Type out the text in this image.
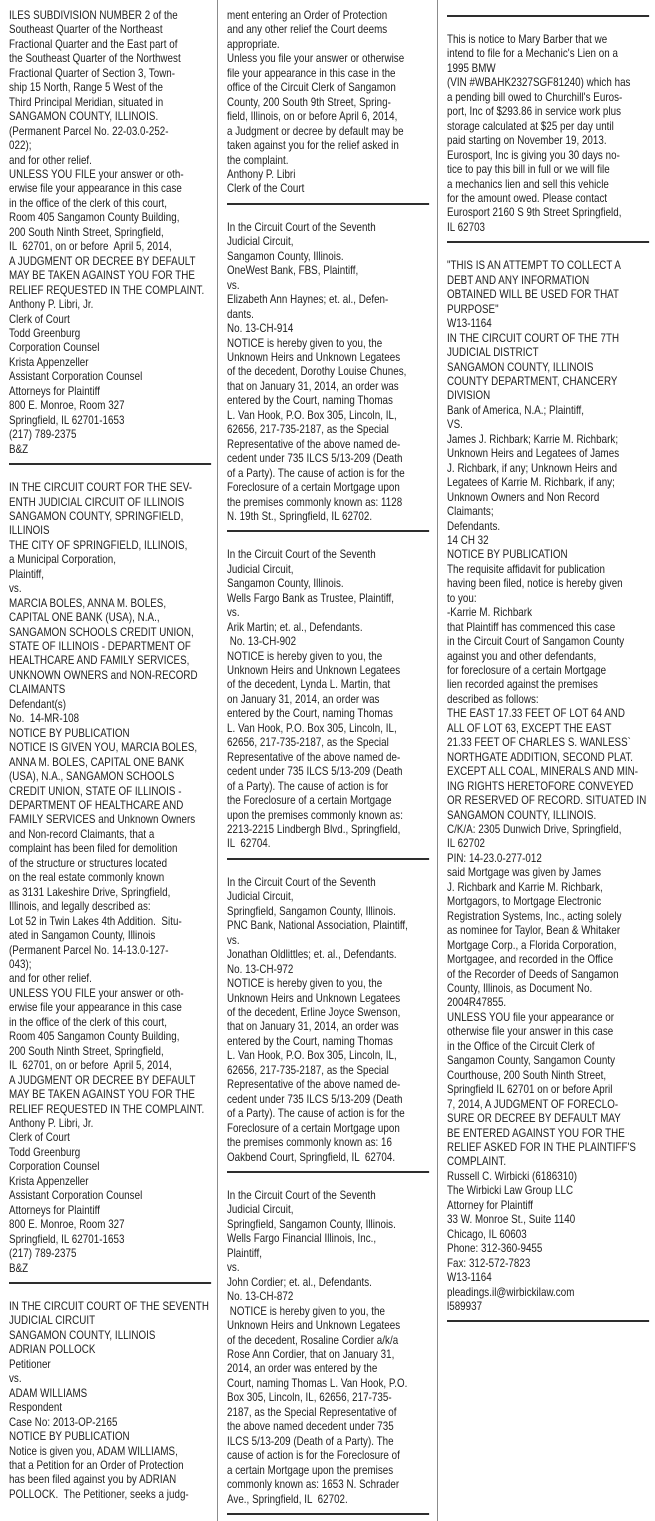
ILES SUBDIVISION NUMBER 2 of the
Southeast Quarter of the Northeast
Fractional Quarter and the East part of
the Southeast Quarter of the Northwest
Fractional Quarter of Section 3, Town-
ship 15 North, Range 5 West of the
Third Principal Meridian, situated in
SANGAMON COUNTY, ILLINOIS.
(Permanent Parcel No. 22-03.0-252-
022);
and for other relief.
UNLESS YOU FILE your answer or oth-
erwise file your appearance in this case
in the office of the clerk of this court,
Room 405 Sangamon County Building,
200 South Ninth Street, Springfield,
IL  62701, on or before  April 5, 2014,
A JUDGMENT OR DECREE BY DEFAULT
MAY BE TAKEN AGAINST YOU FOR THE
RELIEF REQUESTED IN THE COMPLAINT.
Anthony P. Libri, Jr.
Clerk of Court
Todd Greenburg
Corporation Counsel
Krista Appenzeller
Assistant Corporation Counsel
Attorneys for Plaintiff
800 E. Monroe, Room 327
Springfield, IL 62701-1653
(217) 789-2375
B&Z
IN THE CIRCUIT COURT FOR THE SEV-
ENTH JUDICIAL CIRCUIT OF ILLINOIS
SANGAMON COUNTY, SPRINGFIELD,
ILLINOIS
THE CITY OF SPRINGFIELD, ILLINOIS,
a Municipal Corporation,
Plaintiff,
vs.
MARCIA BOLES, ANNA M. BOLES,
CAPITAL ONE BANK (USA), N.A.,
SANGAMON SCHOOLS CREDIT UNION,
STATE OF ILLINOIS - DEPARTMENT OF
HEALTHCARE AND FAMILY SERVICES,
UNKNOWN OWNERS and NON-RECORD
CLAIMANTS
Defendant(s)
No.  14-MR-108
NOTICE BY PUBLICATION
NOTICE IS GIVEN YOU, MARCIA BOLES,
ANNA M. BOLES, CAPITAL ONE BANK
(USA), N.A., SANGAMON SCHOOLS
CREDIT UNION, STATE OF ILLINOIS -
DEPARTMENT OF HEALTHCARE AND
FAMILY SERVICES and Unknown Owners
and Non-record Claimants, that a
complaint has been filed for demolition
of the structure or structures located
on the real estate commonly known
as 3131 Lakeshire Drive, Springfield,
Illinois, and legally described as:
Lot 52 in Twin Lakes 4th Addition.  Situ-
ated in Sangamon County, Illinois
(Permanent Parcel No. 14-13.0-127-
043);
and for other relief.
UNLESS YOU FILE your answer or oth-
erwise file your appearance in this case
in the office of the clerk of this court,
Room 405 Sangamon County Building,
200 South Ninth Street, Springfield,
IL  62701, on or before  April 5, 2014,
A JUDGMENT OR DECREE BY DEFAULT
MAY BE TAKEN AGAINST YOU FOR THE
RELIEF REQUESTED IN THE COMPLAINT.
Anthony P. Libri, Jr.
Clerk of Court
Todd Greenburg
Corporation Counsel
Krista Appenzeller
Assistant Corporation Counsel
Attorneys for Plaintiff
800 E. Monroe, Room 327
Springfield, IL 62701-1653
(217) 789-2375
B&Z
IN THE CIRCUIT COURT OF THE SEVENTH
JUDICIAL CIRCUIT
SANGAMON COUNTY, ILLINOIS
ADRIAN POLLOCK
Petitioner
vs.
ADAM WILLIAMS
Respondent
Case No: 2013-OP-2165
NOTICE BY PUBLICATION
Notice is given you, ADAM WILLIAMS,
that a Petition for an Order of Protection
has been filed against you by ADRIAN
POLLOCK.  The Petitioner, seeks a judg-
ment entering an Order of Protection
and any other relief the Court deems
appropriate.
Unless you file your answer or otherwise
file your appearance in this case in the
office of the Circuit Clerk of Sangamon
County, 200 South 9th Street, Spring-
field, Illinois, on or before April 6, 2014,
a Judgment or decree by default may be
taken against you for the relief asked in
the complaint.
Anthony P. Libri
Clerk of the Court
In the Circuit Court of the Seventh
Judicial Circuit,
Sangamon County, Illinois.
OneWest Bank, FBS, Plaintiff,
vs.
Elizabeth Ann Haynes; et. al., Defen-
dants.
No. 13-CH-914
NOTICE is hereby given to you, the
Unknown Heirs and Unknown Legatees
of the decedent, Dorothy Louise Chunes,
that on January 31, 2014, an order was
entered by the Court, naming Thomas
L. Van Hook, P.O. Box 305, Lincoln, IL,
62656, 217-735-2187, as the Special
Representative of the above named de-
cedent under 735 ILCS 5/13-209 (Death
of a Party). The cause of action is for the
Foreclosure of a certain Mortgage upon
the premises commonly known as: 1128
N. 19th St., Springfield, IL 62702.
In the Circuit Court of the Seventh
Judicial Circuit,
Sangamon County, Illinois.
Wells Fargo Bank as Trustee, Plaintiff,
vs.
Arik Martin; et. al., Defendants.
No. 13-CH-902
NOTICE is hereby given to you, the
Unknown Heirs and Unknown Legatees
of the decedent, Lynda L. Martin, that
on January 31, 2014, an order was
entered by the Court, naming Thomas
L. Van Hook, P.O. Box 305, Lincoln, IL,
62656, 217-735-2187, as the Special
Representative of the above named de-
cedent under 735 ILCS 5/13-209 (Death
of a Party). The cause of action is for
the Foreclosure of a certain Mortgage
upon the premises commonly known as:
2213-2215 Lindbergh Blvd., Springfield,
IL  62704.
In the Circuit Court of the Seventh
Judicial Circuit,
Springfield, Sangamon County, Illinois.
PNC Bank, National Association, Plaintiff,
vs.
Jonathan Oldlittles; et. al., Defendants.
No. 13-CH-972
NOTICE is hereby given to you, the
Unknown Heirs and Unknown Legatees
of the decedent, Erline Joyce Swenson,
that on January 31, 2014, an order was
entered by the Court, naming Thomas
L. Van Hook, P.O. Box 305, Lincoln, IL,
62656, 217-735-2187, as the Special
Representative of the above named de-
cedent under 735 ILCS 5/13-209 (Death
of a Party). The cause of action is for the
Foreclosure of a certain Mortgage upon
the premises commonly known as: 16
Oakbend Court, Springfield, IL  62704.
In the Circuit Court of the Seventh
Judicial Circuit,
Springfield, Sangamon County, Illinois.
Wells Fargo Financial Illinois, Inc.,
Plaintiff,
vs.
John Cordier; et. al., Defendants.
No. 13-CH-872
NOTICE is hereby given to you, the
Unknown Heirs and Unknown Legatees
of the decedent, Rosaline Cordier a/k/a
Rose Ann Cordier, that on January 31,
2014, an order was entered by the
Court, naming Thomas L. Van Hook, P.O.
Box 305, Lincoln, IL, 62656, 217-735-
2187, as the Special Representative of
the above named decedent under 735
ILCS 5/13-209 (Death of a Party). The
cause of action is for the Foreclosure of
a certain Mortgage upon the premises
commonly known as: 1653 N. Schrader
Ave., Springfield, IL  62702.
This is notice to Mary Barber that we
intend to file for a Mechanic's Lien on a
1995 BMW
(VIN #WBAHK2327SGF81240) which has
a pending bill owed to Churchill's Euros-
port, Inc of $293.86 in service work plus
storage calculated at $25 per day until
paid starting on November 19, 2013.
Eurosport, Inc is giving you 30 days no-
tice to pay this bill in full or we will file
a mechanics lien and sell this vehicle
for the amount owed. Please contact
Eurosport 2160 S 9th Street Springfield,
IL 62703
"THIS IS AN ATTEMPT TO COLLECT A
DEBT AND ANY INFORMATION
OBTAINED WILL BE USED FOR THAT
PURPOSE"
W13-1164
IN THE CIRCUIT COURT OF THE 7TH
JUDICIAL DISTRICT
SANGAMON COUNTY, ILLINOIS
COUNTY DEPARTMENT, CHANCERY
DIVISION
Bank of America, N.A.; Plaintiff,
VS.
James J. Richbark; Karrie M. Richbark;
Unknown Heirs and Legatees of James
J. Richbark, if any; Unknown Heirs and
Legatees of Karrie M. Richbark, if any;
Unknown Owners and Non Record
Claimants;
Defendants.
14 CH 32
NOTICE BY PUBLICATION
The requisite affidavit for publication
having been filed, notice is hereby given
to you:
-Karrie M. Richbark
that Plaintiff has commenced this case
in the Circuit Court of Sangamon County
against you and other defendants,
for foreclosure of a certain Mortgage
lien recorded against the premises
described as follows:
THE EAST 17.33 FEET OF LOT 64 AND
ALL OF LOT 63, EXCEPT THE EAST
21.33 FEET OF CHARLES S. WANLESS`
NORTHGATE ADDITION, SECOND PLAT.
EXCEPT ALL COAL, MINERALS AND MIN-
ING RIGHTS HERETOFORE CONVEYED
OR RESERVED OF RECORD. SITUATED IN
SANGAMON COUNTY, ILLINOIS.
C/K/A: 2305 Dunwich Drive, Springfield,
IL 62702
PIN: 14-23.0-277-012
said Mortgage was given by James
J. Richbark and Karrie M. Richbark,
Mortgagors, to Mortgage Electronic
Registration Systems, Inc., acting solely
as nominee for Taylor, Bean & Whitaker
Mortgage Corp., a Florida Corporation,
Mortgagee, and recorded in the Office
of the Recorder of Deeds of Sangamon
County, Illinois, as Document No.
2004R47855.
UNLESS YOU file your appearance or
otherwise file your answer in this case
in the Office of the Circuit Clerk of
Sangamon County, Sangamon County
Courthouse, 200 South Ninth Street,
Springfield IL 62701 on or before April
7, 2014, A JUDGMENT OF FORECLO-
SURE OR DECREE BY DEFAULT MAY
BE ENTERED AGAINST YOU FOR THE
RELIEF ASKED FOR IN THE PLAINTIFF'S
COMPLAINT.
Russell C. Wirbicki (6186310)
The Wirbicki Law Group LLC
Attorney for Plaintiff
33 W. Monroe St., Suite 1140
Chicago, IL 60603
Phone: 312-360-9455
Fax: 312-572-7823
W13-1164
pleadings.il@wirbickilaw.com
l589937
